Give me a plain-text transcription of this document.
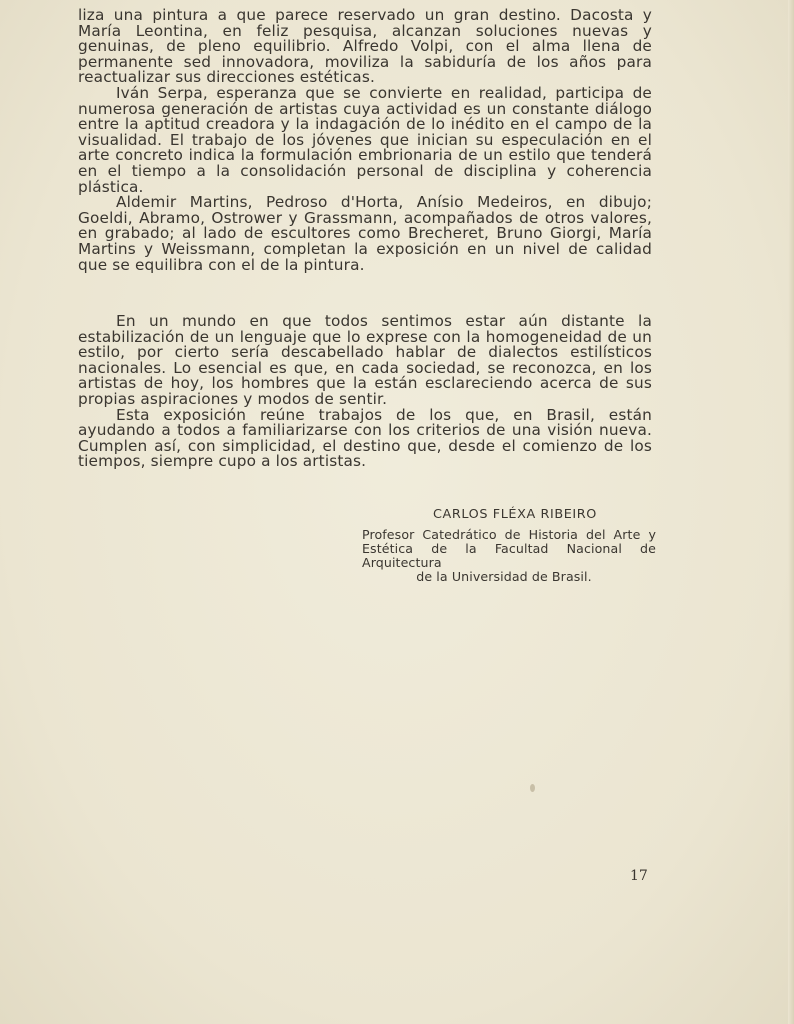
liza una pintura a que parece reservado un gran destino. Dacosta y María Leontina, en feliz pesquisa, alcanzan soluciones nuevas y genuinas, de pleno equilibrio. Alfredo Volpi, con el alma llena de permanente sed innovadora, moviliza la sabiduría de los años para reactualizar sus direcciones estéticas.

Iván Serpa, esperanza que se convierte en realidad, participa de numerosa generación de artistas cuya actividad es un constante diálogo entre la aptitud creadora y la indagación de lo inédito en el campo de la visualidad. El trabajo de los jóvenes que inician su especulación en el arte concreto indica la formulación embrionaria de un estilo que tenderá en el tiempo a la consolidación personal de disciplina y coherencia plástica.

Aldemir Martins, Pedroso d'Horta, Anísio Medeiros, en dibujo; Goeldi, Abramo, Ostrower y Grassmann, acompañados de otros valores, en grabado; al lado de escultores como Brecheret, Bruno Giorgi, María Martins y Weissmann, completan la exposición en un nivel de calidad que se equilibra con el de la pintura.

En un mundo en que todos sentimos estar aún distante la estabilización de un lenguaje que lo exprese con la homogeneidad de un estilo, por cierto sería descabellado hablar de dialectos estilísticos nacionales. Lo esencial es que, en cada sociedad, se reconozca, en los artistas de hoy, los hombres que la están esclareciendo acerca de sus propias aspiraciones y modos de sentir.

Esta exposición reúne trabajos de los que, en Brasil, están ayudando a todos a familiarizarse con los criterios de una visión nueva. Cumplen así, con simplicidad, el destino que, desde el comienzo de los tiempos, siempre cupo a los artistas.

CARLOS FLÉXA RIBEIRO

Profesor Catedrático de Historia del Arte y

Estética de la Facultad Nacional de Arquitectura

de la Universidad de Brasil.

17
